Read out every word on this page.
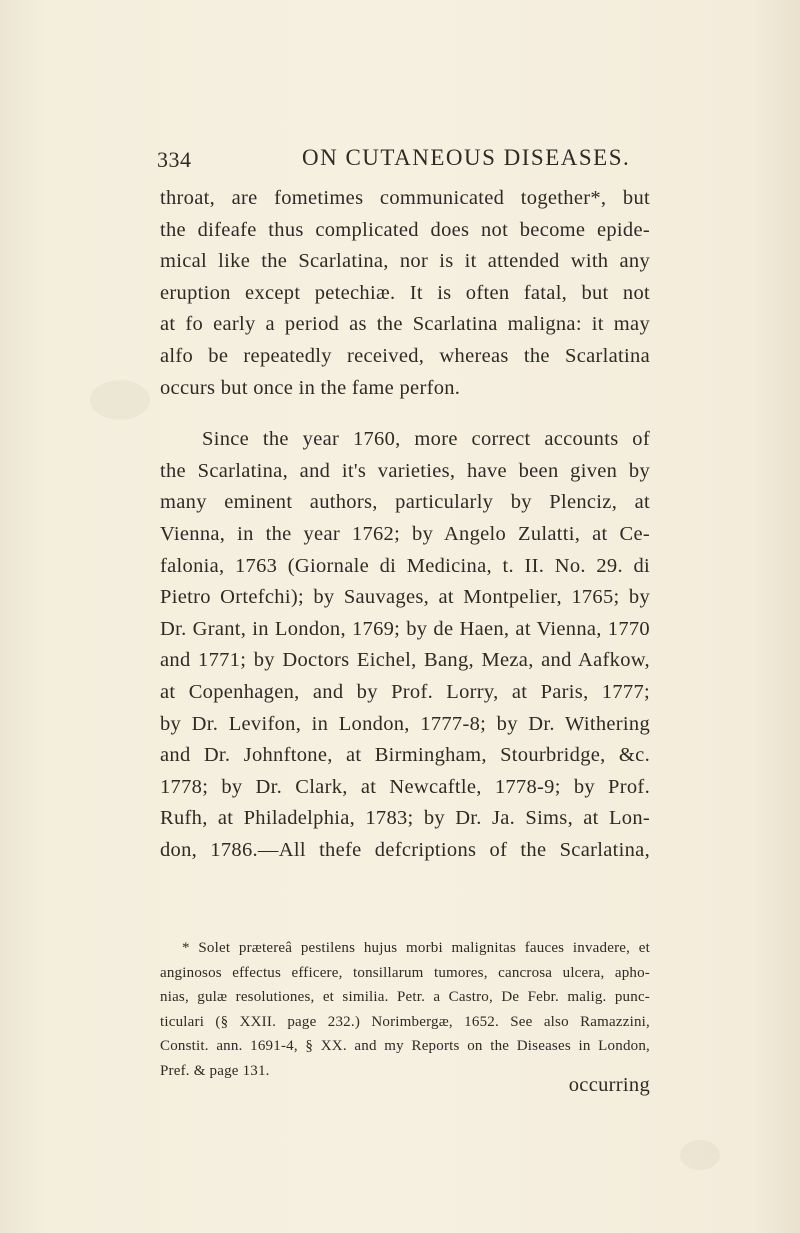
334	ON CUTANEOUS DISEASES.
throat, are fometimes communicated together*, but
the difeafe thus complicated does not become epide-
mical like the Scarlatina, nor is it attended with any
eruption except petechiæ. It is often fatal, but not
at fo early a period as the Scarlatina maligna: it may
alfo be repeatedly received, whereas the Scarlatina
occurs but once in the fame perfon.
Since the year 1760, more correct accounts of
the Scarlatina, and it's varieties, have been given by
many eminent authors, particularly by Plenciz, at
Vienna, in the year 1762; by Angelo Zulatti, at Ce-
falonia, 1763 (Giornale di Medicina, t. II. No. 29. di
Pietro Ortefchi); by Sauvages, at Montpelier, 1765; by
Dr. Grant, in London, 1769; by de Haen, at Vienna, 1770
and 1771; by Doctors Eichel, Bang, Meza, and Aafkow,
at Copenhagen, and by Prof. Lorry, at Paris, 1777;
by Dr. Levifon, in London, 1777-8; by Dr. Withering
and Dr. Johnftone, at Birmingham, Stourbridge, &c.
1778; by Dr. Clark, at Newcaftle, 1778-9; by Prof.
Rufh, at Philadelphia, 1783; by Dr. Ja. Sims, at Lon-
don, 1786.—All thefe defcriptions of the Scarlatina,
* Solet prӕtereâ pestilens hujus morbi malignitas fauces invadere, et
anginosos effectus efficere, tonsillarum tumores, cancrosa ulcera, apho-
nias, gulӕ resolutiones, et similia. Petr. a Castro, De Febr. malig. punc-
ticulari (§ XXII. page 232.) Norimbergӕ, 1652. See also Ramazzini,
Constit. ann. 1691-4, § XX. and my Reports on the Diseases in London,
Pref. & page 131.
occurring
